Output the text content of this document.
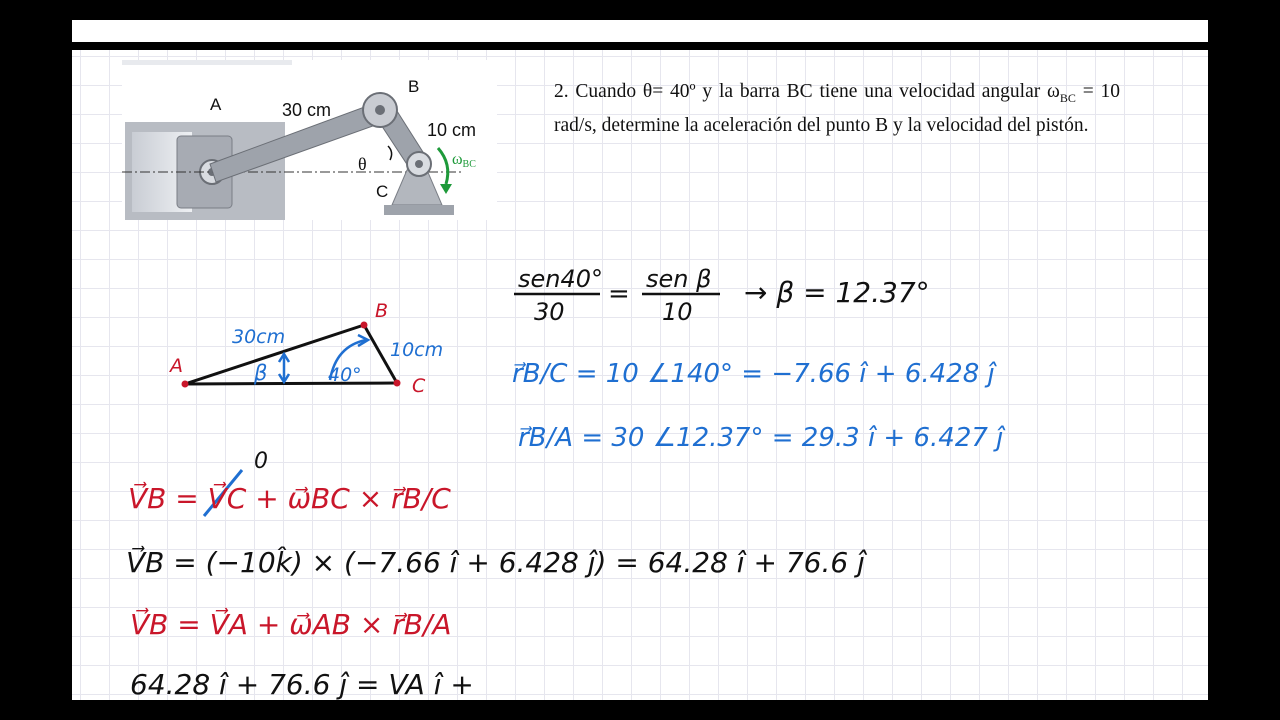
A	30 cm
B
10 cm
θ
C
ωBC
2. Cuando θ= 40º y la barra BC tiene una velocidad angular $\omega_{BC} = 10$ rad/s, determine la aceleración del punto B y la velocidad del pistón.
A
B
C
30cm
10cm
β	40°
sen40°
30
= sen β
10
→ β = 12.37°
r⃗B/C = 10 ∠140° = −7.66 î + 6.428 ĵ
r⃗B/A = 30 ∠12.37° = 29.3 î + 6.427 ĵ
0
V⃗B = V⃗C + ω⃗BC × r⃗B/C
V⃗B = (−10k̂) × (−7.66 î + 6.428 ĵ) = 64.28 î + 76.6 ĵ
V⃗B = V⃗A + ω⃗AB × r⃗B/A
64.28 î + 76.6 ĵ = VA î +
